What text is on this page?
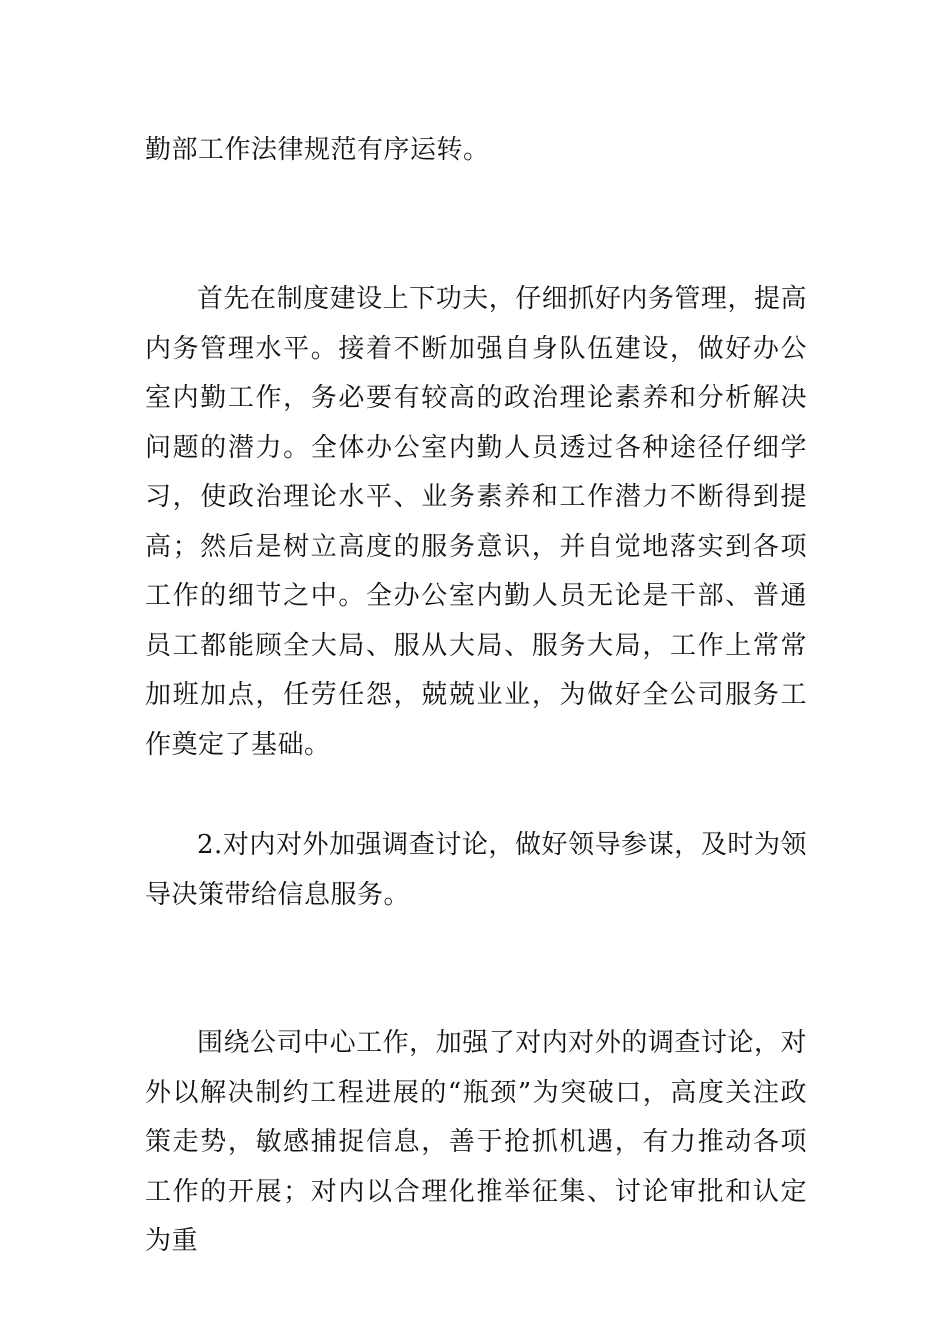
勤部工作法律规范有序运转。

首先在制度建设上下功夫，仔细抓好内务管理，提高内务管理水平。接着不断加强自身队伍建设，做好办公室内勤工作，务必要有较高的政治理论素养和分析解决问题的潜力。全体办公室内勤人员透过各种途径仔细学习，使政治理论水平、业务素养和工作潜力不断得到提高；然后是树立高度的服务意识，并自觉地落实到各项工作的细节之中。全办公室内勤人员无论是干部、普通员工都能顾全大局、服从大局、服务大局，工作上常常加班加点，任劳任怨，兢兢业业，为做好全公司服务工作奠定了基础。

2.对内对外加强调查讨论，做好领导参谋，及时为领导决策带给信息服务。

围绕公司中心工作，加强了对内对外的调查讨论，对外以解决制约工程进展的“瓶颈”为突破口，高度关注政策走势，敏感捕捉信息，善于抢抓机遇，有力推动各项工作的开展；对内以合理化推举征集、讨论审批和认定为重
